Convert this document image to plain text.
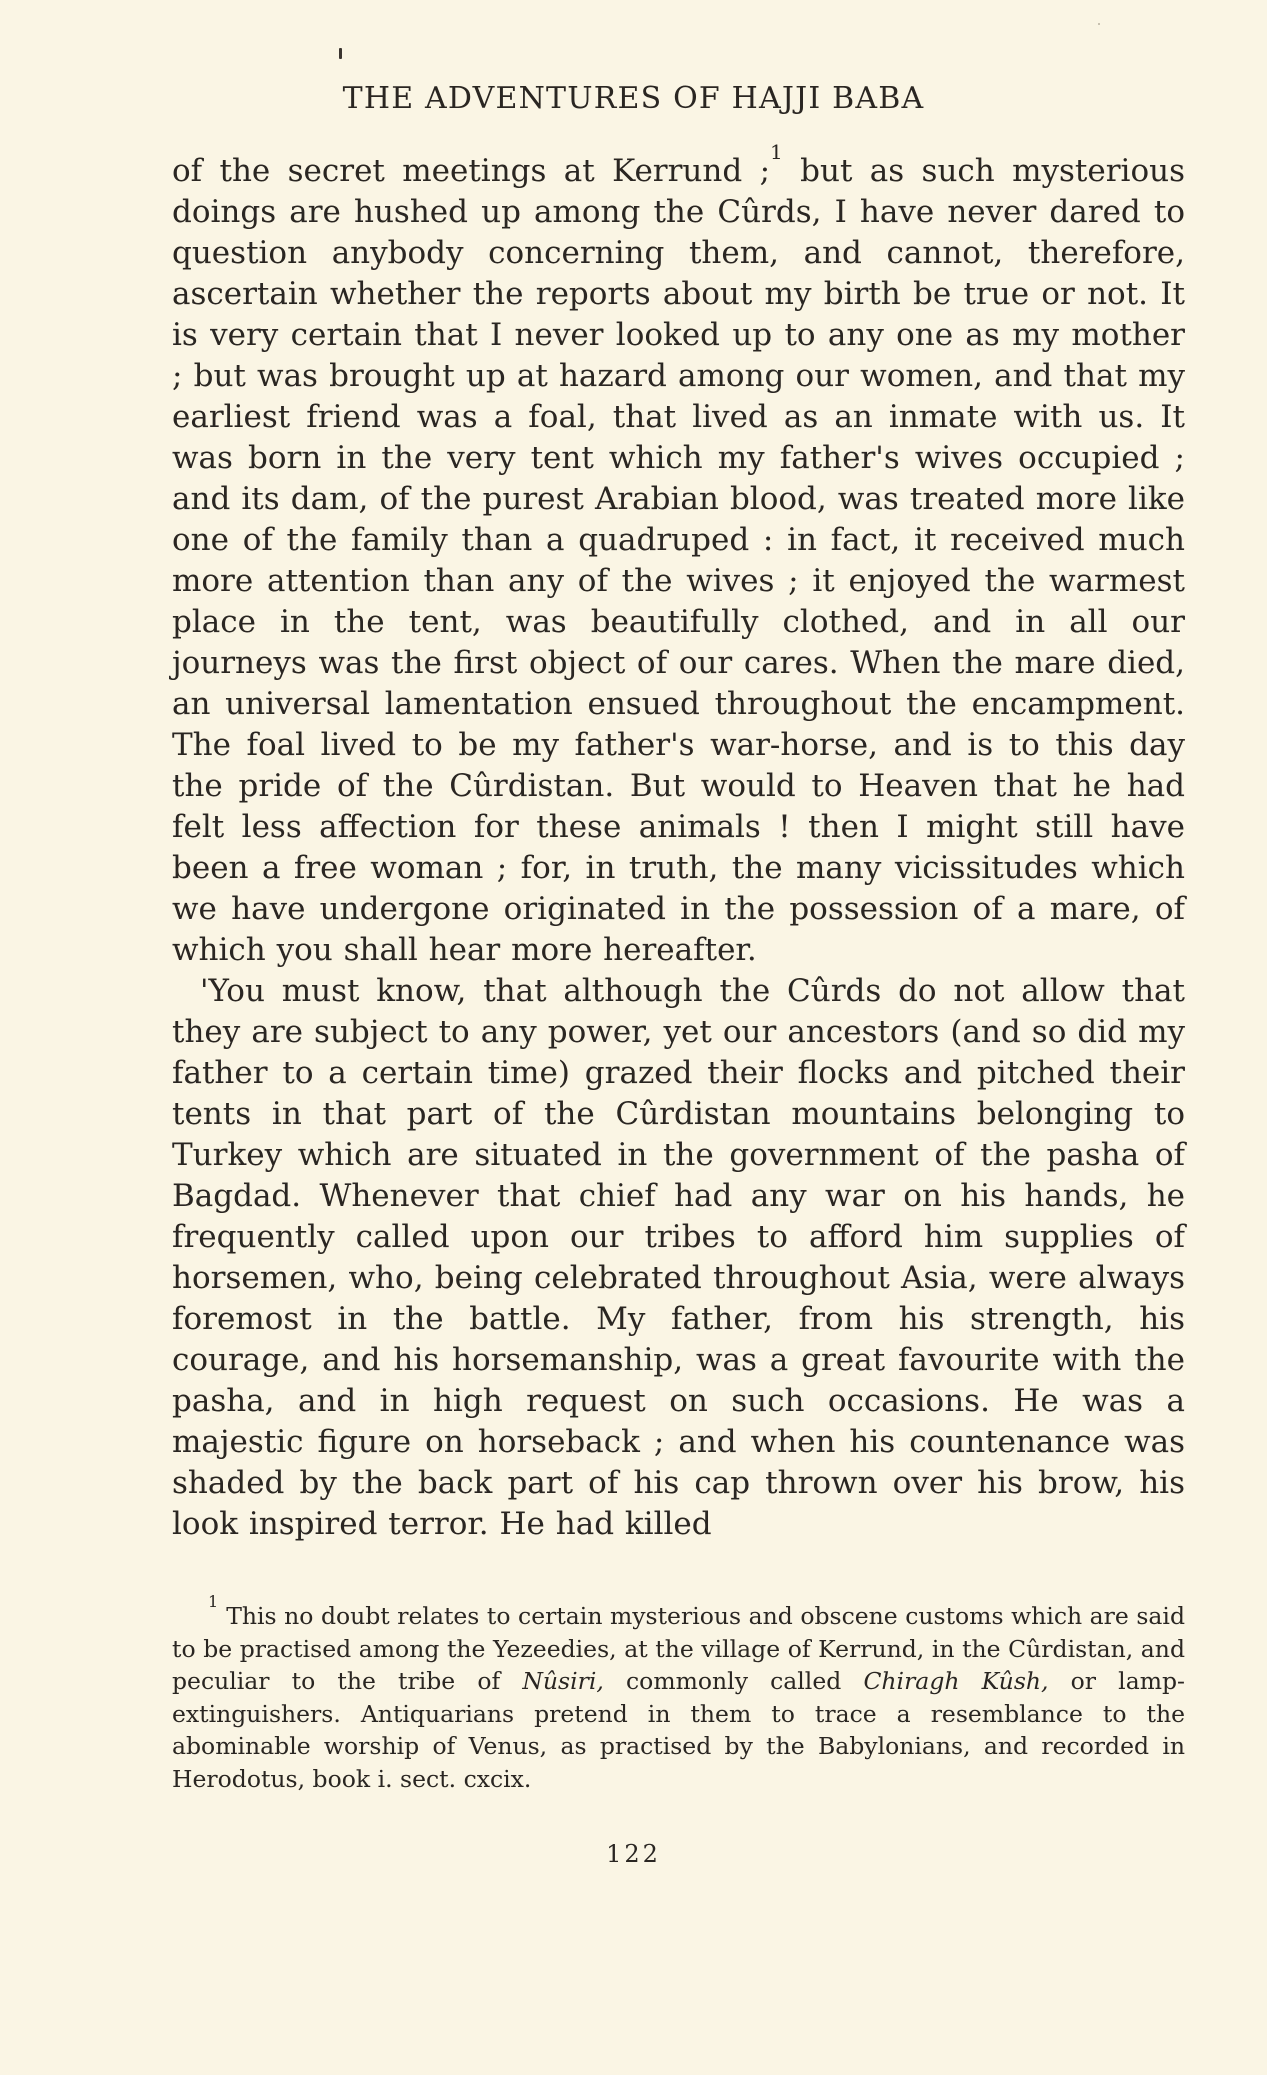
THE ADVENTURES OF HAJJI BABA

of the secret meetings at Kerrund ;$^1$ but as such mysterious doings are hushed up among the Cûrds, I have never dared to question anybody concerning them, and cannot, therefore, ascertain whether the reports about my birth be true or not. It is very certain that I never looked up to any one as my mother ; but was brought up at hazard among our women, and that my earliest friend was a foal, that lived as an inmate with us. It was born in the very tent which my father's wives occupied ; and its dam, of the purest Arabian blood, was treated more like one of the family than a quadruped : in fact, it received much more attention than any of the wives ; it enjoyed the warmest place in the tent, was beautifully clothed, and in all our journeys was the first object of our cares. When the mare died, an universal lamentation ensued throughout the encampment. The foal lived to be my father's war-horse, and is to this day the pride of the Cûrdistan. But would to Heaven that he had felt less affection for these animals ! then I might still have been a free woman ; for, in truth, the many vicissitudes which we have undergone originated in the possession of a mare, of which you shall hear more hereafter.

'You must know, that although the Cûrds do not allow that they are subject to any power, yet our ancestors (and so did my father to a certain time) grazed their flocks and pitched their tents in that part of the Cûrdistan mountains belonging to Turkey which are situated in the government of the pasha of Bagdad. Whenever that chief had any war on his hands, he frequently called upon our tribes to afford him supplies of horsemen, who, being celebrated throughout Asia, were always foremost in the battle. My father, from his strength, his courage, and his horsemanship, was a great favourite with the pasha, and in high request on such occasions. He was a majestic figure on horseback ; and when his countenance was shaded by the back part of his cap thrown over his brow, his look inspired terror. He had killed

$^1$This no doubt relates to certain mysterious and obscene customs which are said to be practised among the Yezeedies, at the village of Kerrund, in the Cûrdistan, and peculiar to the tribe of Nûsiri, commonly called Chiragh Kûsh, or lamp-extinguishers. Antiquarians pretend in them to trace a resemblance to the abominable worship of Venus, as practised by the Babylonians, and recorded in Herodotus, book i. sect. cxcix.
122
